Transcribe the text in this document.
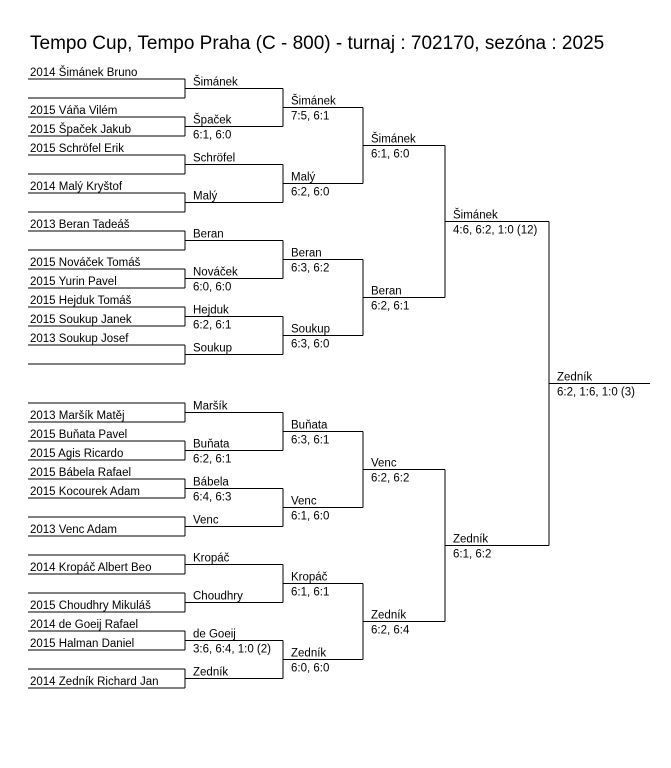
Tempo Cup, Tempo Praha (C - 800) - turnaj : 702170, sezóna : 2025
2014 Šimánek Bruno
2015 Váňa Vilém
2015 Špaček Jakub
2015 Schröfel Erik
2014 Malý Kryštof
2013 Beran Tadeáš
2015 Nováček Tomáš
2015 Yurin Pavel
2015 Hejduk Tomáš
2015 Soukup Janek
2013 Soukup Josef
2013 Maršík Matěj
2015 Buňata Pavel
2015 Agis Ricardo
2015 Bábela Rafael
2015 Kocourek Adam
2013 Venc Adam
2014 Kropáč Albert Beo
2015 Choudhry Mikuláš
2014 de Goeij Rafael
2015 Halman Daniel
2014 Zedník Richard Jan
Šimánek
Špaček
6:1, 6:0
Schröfel
Malý
Beran
Nováček
6:0, 6:0
Hejduk
6:2, 6:1
Soukup
Maršík
Buňata
6:2, 6:1
Bábela
6:4, 6:3
Venc
Kropáč
Choudhry
de Goeij
3:6, 6:4, 1:0 (2)
Zedník
Šimánek
7:5, 6:1
Malý
6:2, 6:0
Beran
6:3, 6:2
Soukup
6:3, 6:0
Buňata
6:3, 6:1
Venc
6:1, 6:0
Kropáč
6:1, 6:1
Zedník
6:0, 6:0
Šimánek
6:1, 6:0
Beran
6:2, 6:1
Venc
6:2, 6:2
Zedník
6:2, 6:4
Šimánek
4:6, 6:2, 1:0 (12)
Zedník
6:1, 6:2
Zedník
6:2, 1:6, 1:0 (3)
